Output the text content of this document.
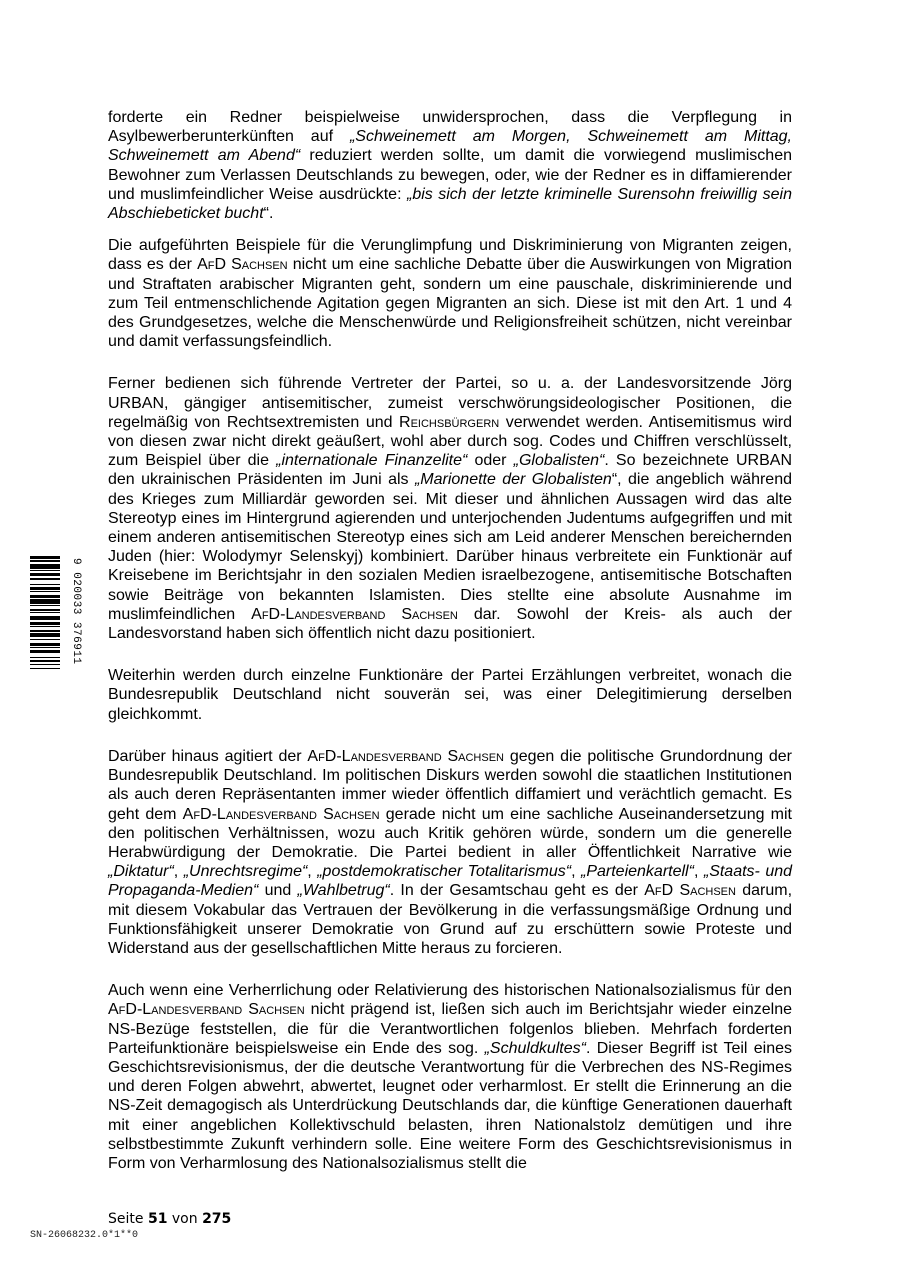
forderte ein Redner beispielweise unwidersprochen, dass die Verpflegung in Asylbewerberunterkünften auf „Schweinemett am Morgen, Schweinemett am Mittag, Schweinemett am Abend“ reduziert werden sollte, um damit die vorwiegend muslimischen Bewohner zum Verlassen Deutschlands zu bewegen, oder, wie der Redner es in diffamierender und muslimfeindlicher Weise ausdrückte: „bis sich der letzte kriminelle Surensohn freiwillig sein Abschiebeticket bucht“.

Die aufgeführten Beispiele für die Verunglimpfung und Diskriminierung von Migranten zeigen, dass es der AfD Sachsen nicht um eine sachliche Debatte über die Auswirkungen von Migration und Straftaten arabischer Migranten geht, sondern um eine pauschale, diskriminierende und zum Teil entmenschlichende Agitation gegen Migranten an sich. Diese ist mit den Art. 1 und 4 des Grundgesetzes, welche die Menschenwürde und Religionsfreiheit schützen, nicht vereinbar und damit verfassungsfeindlich.

Ferner bedienen sich führende Vertreter der Partei, so u. a. der Landesvorsitzende Jörg URBAN, gängiger antisemitischer, zumeist verschwörungsideologischer Positionen, die regelmäßig von Rechtsextremisten und Reichsbürgern verwendet werden. Antisemitismus wird von diesen zwar nicht direkt geäußert, wohl aber durch sog. Codes und Chiffren verschlüsselt, zum Beispiel über die „internationale Finanzelite“ oder „Globalisten“. So bezeichnete URBAN den ukrainischen Präsidenten im Juni als „Marionette der Globalisten“, die angeblich während des Krieges zum Milliardär geworden sei. Mit dieser und ähnlichen Aussagen wird das alte Stereotyp eines im Hintergrund agierenden und unterjochenden Judentums aufgegriffen und mit einem anderen antisemitischen Stereotyp eines sich am Leid anderer Menschen bereichernden Juden (hier: Wolodymyr Selenskyj) kombiniert. Darüber hinaus verbreitete ein Funktionär auf Kreisebene im Berichtsjahr in den sozialen Medien israelbezogene, antisemitische Botschaften sowie Beiträge von bekannten Islamisten. Dies stellte eine absolute Ausnahme im muslimfeindlichen AfD-Landesverband Sachsen dar. Sowohl der Kreis- als auch der Landesvorstand haben sich öffentlich nicht dazu positioniert.

Weiterhin werden durch einzelne Funktionäre der Partei Erzählungen verbreitet, wonach die Bundesrepublik Deutschland nicht souverän sei, was einer Delegitimierung derselben gleichkommt.

Darüber hinaus agitiert der AfD-Landesverband Sachsen gegen die politische Grundordnung der Bundesrepublik Deutschland. Im politischen Diskurs werden sowohl die staatlichen Institutionen als auch deren Repräsentanten immer wieder öffentlich diffamiert und verächtlich gemacht. Es geht dem AfD-Landesverband Sachsen gerade nicht um eine sachliche Auseinandersetzung mit den politischen Verhältnissen, wozu auch Kritik gehören würde, sondern um die generelle Herabwürdigung der Demokratie. Die Partei bedient in aller Öffentlichkeit Narrative wie „Diktatur“, „Unrechtsregime“, „postdemokratischer Totalitarismus“, „Parteienkartell“, „Staats- und Propaganda-Medien“ und „Wahlbetrug“. In der Gesamtschau geht es der AfD Sachsen darum, mit diesem Vokabular das Vertrauen der Bevölkerung in die verfassungsmäßige Ordnung und Funktionsfähigkeit unserer Demokratie von Grund auf zu erschüttern sowie Proteste und Widerstand aus der gesellschaftlichen Mitte heraus zu forcieren.

Auch wenn eine Verherrlichung oder Relativierung des historischen Nationalsozialismus für den AfD-Landesverband Sachsen nicht prägend ist, ließen sich auch im Berichtsjahr wieder einzelne NS-Bezüge feststellen, die für die Verantwortlichen folgenlos blieben. Mehrfach forderten Parteifunktionäre beispielsweise ein Ende des sog. „Schuldkultes“. Dieser Begriff ist Teil eines Geschichtsrevisionismus, der die deutsche Verantwortung für die Verbrechen des NS-Regimes und deren Folgen abwehrt, abwertet, leugnet oder verharmlost. Er stellt die Erinnerung an die NS-Zeit demagogisch als Unterdrückung Deutschlands dar, die künftige Generationen dauerhaft mit einer angeblichen Kollektivschuld belasten, ihren Nationalstolz demütigen und ihre selbstbestimmte Zukunft verhindern solle. Eine weitere Form des Geschichtsrevisionismus in Form von Verharmlosung des Nationalsozialismus stellt die

9 020033 376911
Seite 51 von 275
SN-26068232.0*1**0
